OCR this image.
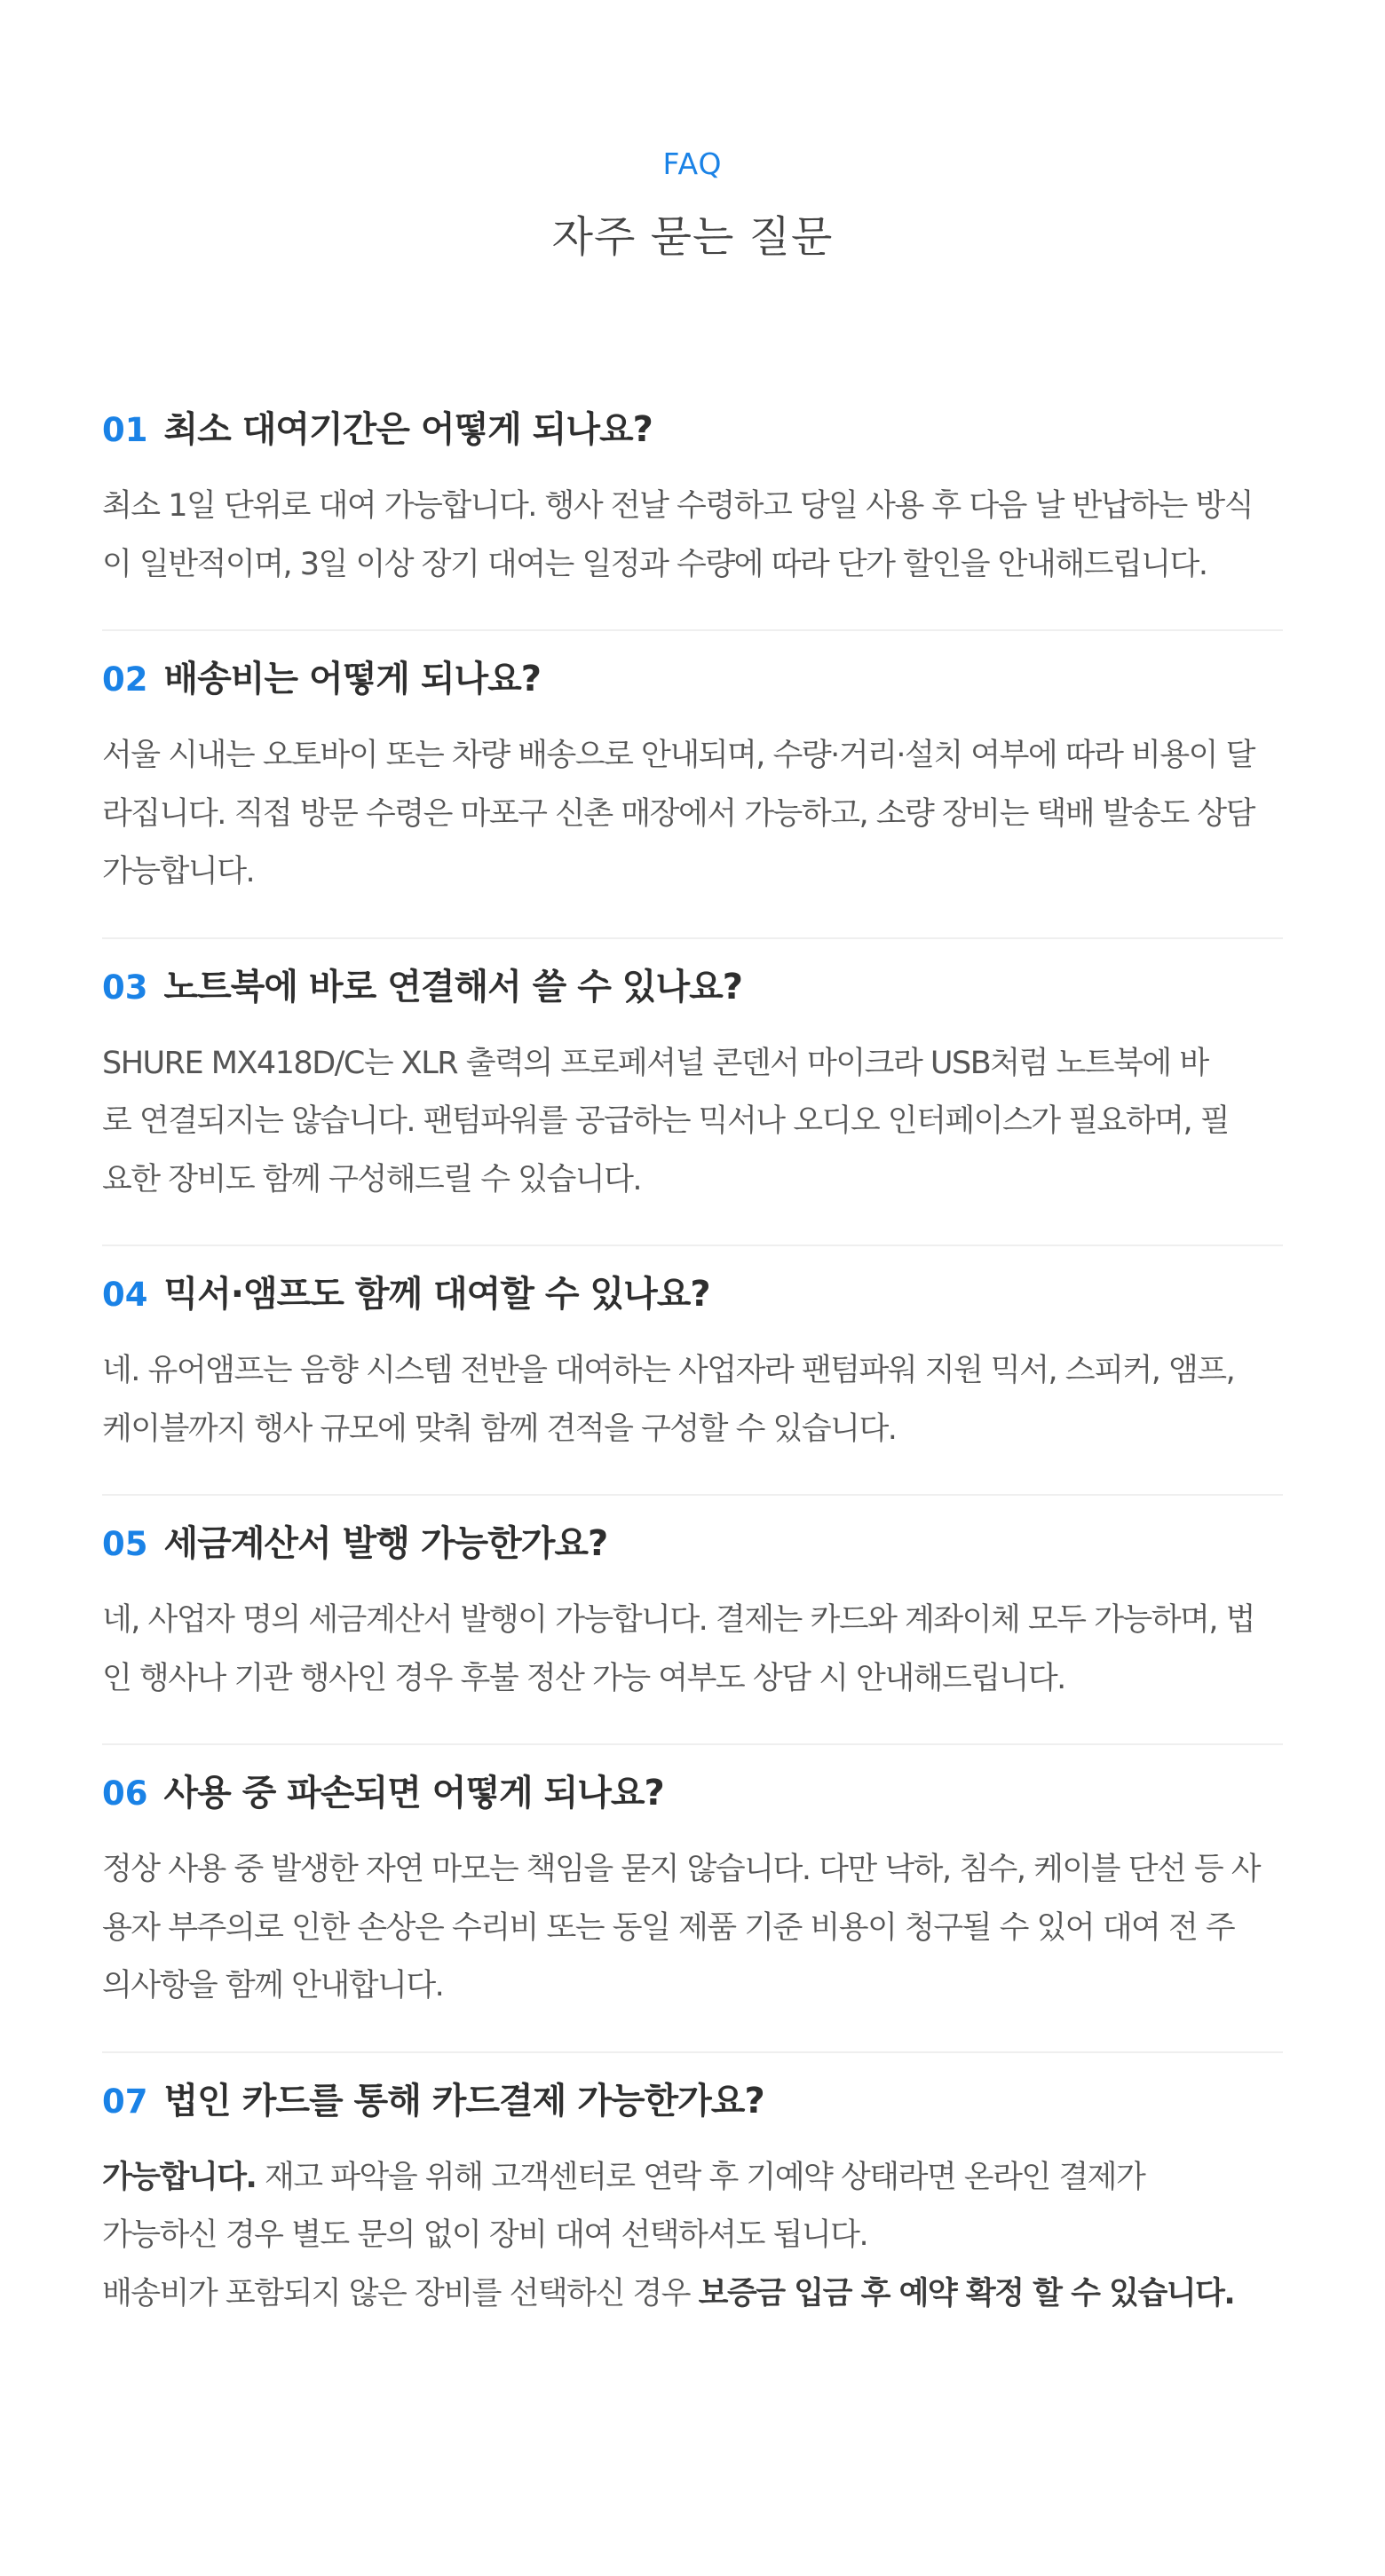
FAQ
자주 묻는 질문
01 최소 대여기간은 어떻게 되나요?

최소 1일 단위로 대여 가능합니다. 행사 전날 수령하고 당일 사용 후 다음 날 반납하는 방식

이 일반적이며, 3일 이상 장기 대여는 일정과 수량에 따라 단가 할인을 안내해드립니다.

02 배송비는 어떻게 되나요?

서울 시내는 오토바이 또는 차량 배송으로 안내되며, 수량·거리·설치 여부에 따라 비용이 달

라집니다. 직접 방문 수령은 마포구 신촌 매장에서 가능하고, 소량 장비는 택배 발송도 상담

가능합니다.

03 노트북에 바로 연결해서 쓸 수 있나요?

SHURE MX418D/C는 XLR 출력의 프로페셔널 콘덴서 마이크라 USB처럼 노트북에 바

로 연결되지는 않습니다. 팬텀파워를 공급하는 믹서나 오디오 인터페이스가 필요하며, 필

요한 장비도 함께 구성해드릴 수 있습니다.

04 믹서·앰프도 함께 대여할 수 있나요?

네. 유어앰프는 음향 시스템 전반을 대여하는 사업자라 팬텀파워 지원 믹서, 스피커, 앰프,

케이블까지 행사 규모에 맞춰 함께 견적을 구성할 수 있습니다.

05 세금계산서 발행 가능한가요?

네, 사업자 명의 세금계산서 발행이 가능합니다. 결제는 카드와 계좌이체 모두 가능하며, 법

인 행사나 기관 행사인 경우 후불 정산 가능 여부도 상담 시 안내해드립니다.

06 사용 중 파손되면 어떻게 되나요?

정상 사용 중 발생한 자연 마모는 책임을 묻지 않습니다. 다만 낙하, 침수, 케이블 단선 등 사

용자 부주의로 인한 손상은 수리비 또는 동일 제품 기준 비용이 청구될 수 있어 대여 전 주

의사항을 함께 안내합니다.

07 법인 카드를 통해 카드결제 가능한가요?

가능합니다. 재고 파악을 위해 고객센터로 연락 후 기예약 상태라면 온라인 결제가

가능하신 경우 별도 문의 없이 장비 대여 선택하셔도 됩니다.

배송비가 포함되지 않은 장비를 선택하신 경우 보증금 입금 후 예약 확정 할 수 있습니다.
